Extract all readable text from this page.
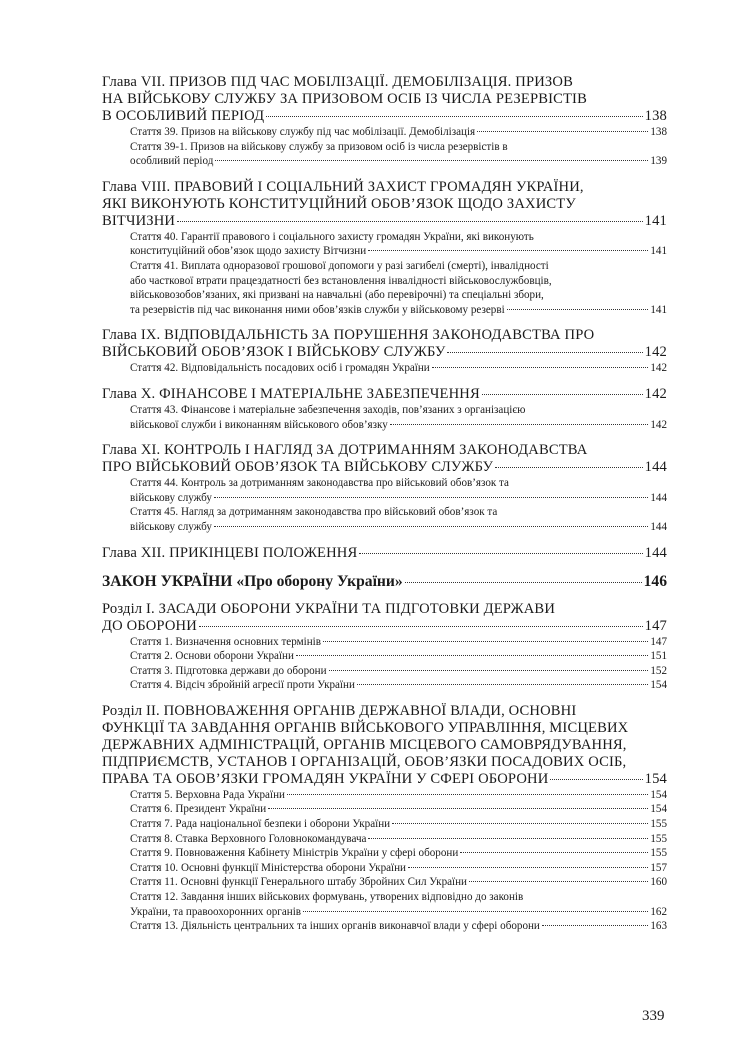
Глава VII. ПРИЗОВ ПІД ЧАС МОБІЛІЗАЦІЇ. ДЕМОБІЛІЗАЦІЯ. ПРИЗОВ
НА ВІЙСЬКОВУ СЛУЖБУ ЗА ПРИЗОВОМ ОСІБ ІЗ ЧИСЛА РЕЗЕРВІСТІВ
В ОСОБЛИВИЙ ПЕРІОД	138
Стаття 39. Призов на військову службу під час мобілізації. Демобілізація	138
Стаття 39-1. Призов на військову службу за призовом осіб із числа резервістів в
особливий період	139
Глава VIII. ПРАВОВИЙ І СОЦІАЛЬНИЙ ЗАХИСТ ГРОМАДЯН УКРАЇНИ,
ЯКІ ВИКОНУЮТЬ КОНСТИТУЦІЙНИЙ ОБОВ’ЯЗОК ЩОДО ЗАХИСТУ
ВІТЧИЗНИ	141
Стаття 40. Гарантії правового і соціального захисту громадян України, які виконують
конституційний обов’язок щодо захисту Вітчизни	141
Стаття 41. Виплата одноразової грошової допомоги у разі загибелі (смерті), інвалідності
або часткової втрати працездатності без встановлення інвалідності військовослужбовців,
військовозобов’язаних, які призвані на навчальні (або перевірочні) та спеціальні збори,
та резервістів під час виконання ними обов’язків служби у військовому резерві	141
Глава IX. ВІДПОВІДАЛЬНІСТЬ ЗА ПОРУШЕННЯ ЗАКОНОДАВСТВА ПРО
ВІЙСЬКОВИЙ ОБОВ’ЯЗОК І ВІЙСЬКОВУ СЛУЖБУ	142
Стаття 42. Відповідальність посадових осіб і громадян України	142
Глава X. ФІНАНСОВЕ І МАТЕРІАЛЬНЕ ЗАБЕЗПЕЧЕННЯ	142
Стаття 43. Фінансове і матеріальне забезпечення заходів, пов’язаних з організацією
військової служби і виконанням військового обов’язку	142
Глава XI. КОНТРОЛЬ І НАГЛЯД ЗА ДОТРИМАННЯМ ЗАКОНОДАВСТВА
ПРО ВІЙСЬКОВИЙ ОБОВ’ЯЗОК ТА ВІЙСЬКОВУ СЛУЖБУ	144
Стаття 44. Контроль за дотриманням законодавства про військовий обов’язок та
військову службу	144
Стаття 45. Нагляд за дотриманням законодавства про військовий обов’язок та
військову службу	144
Глава XII. ПРИКІНЦЕВІ ПОЛОЖЕННЯ	144
ЗАКОН УКРАЇНИ «Про оборону України»	146
Розділ I. ЗАСАДИ ОБОРОНИ УКРАЇНИ ТА ПІДГОТОВКИ ДЕРЖАВИ
ДО ОБОРОНИ	147
Стаття 1. Визначення основних термінів	147
Стаття 2. Основи оборони України	151
Стаття 3. Підготовка держави до оборони	152
Стаття 4. Відсіч збройній агресії проти України	154
Розділ II. ПОВНОВАЖЕННЯ ОРГАНІВ ДЕРЖАВНОЇ ВЛАДИ, ОСНОВНІ
ФУНКЦІЇ ТА ЗАВДАННЯ ОРГАНІВ ВІЙСЬКОВОГО УПРАВЛІННЯ, МІСЦЕВИХ
ДЕРЖАВНИХ АДМІНІСТРАЦІЙ, ОРГАНІВ МІСЦЕВОГО САМОВРЯДУВАННЯ,
ПІДПРИЄМСТВ, УСТАНОВ І ОРГАНІЗАЦІЙ, ОБОВ’ЯЗКИ ПОСАДОВИХ ОСІБ,
ПРАВА ТА ОБОВ’ЯЗКИ ГРОМАДЯН УКРАЇНИ У СФЕРІ ОБОРОНИ	154
Стаття 5. Верховна Рада України	154
Стаття 6. Президент України	154
Стаття 7. Рада національної безпеки і оборони України	155
Стаття 8. Ставка Верховного Головнокомандувача	155
Стаття 9. Повноваження Кабінету Міністрів України у сфері оборони	155
Стаття 10. Основні функції Міністерства оборони України	157
Стаття 11. Основні функції Генерального штабу Збройних Сил України	160
Стаття 12. Завдання інших військових формувань, утворених відповідно до законів
України, та правоохоронних органів	162
Стаття 13. Діяльність центральних та інших органів виконавчої влади у сфері оборони	163
339
